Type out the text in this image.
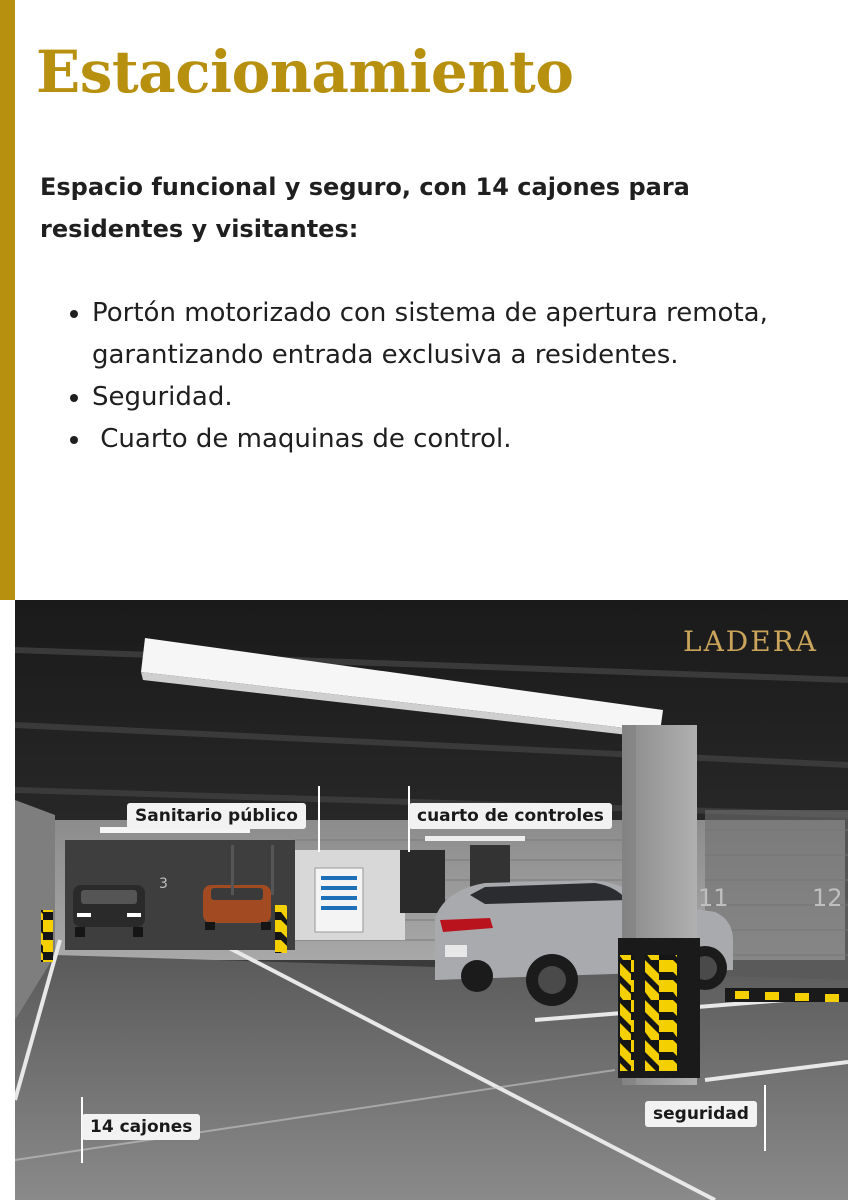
Estacionamiento

Espacio funcional y seguro, con 14 cajones para residentes y visitantes:

• Portón motorizado con sistema de apertura remota, garantizando entrada exclusiva a residentes.
• Seguridad.
•  Cuarto de maquinas de control.
LADERA
3	11	12
Sanitario público	cuarto de controles
14 cajones
seguridad
